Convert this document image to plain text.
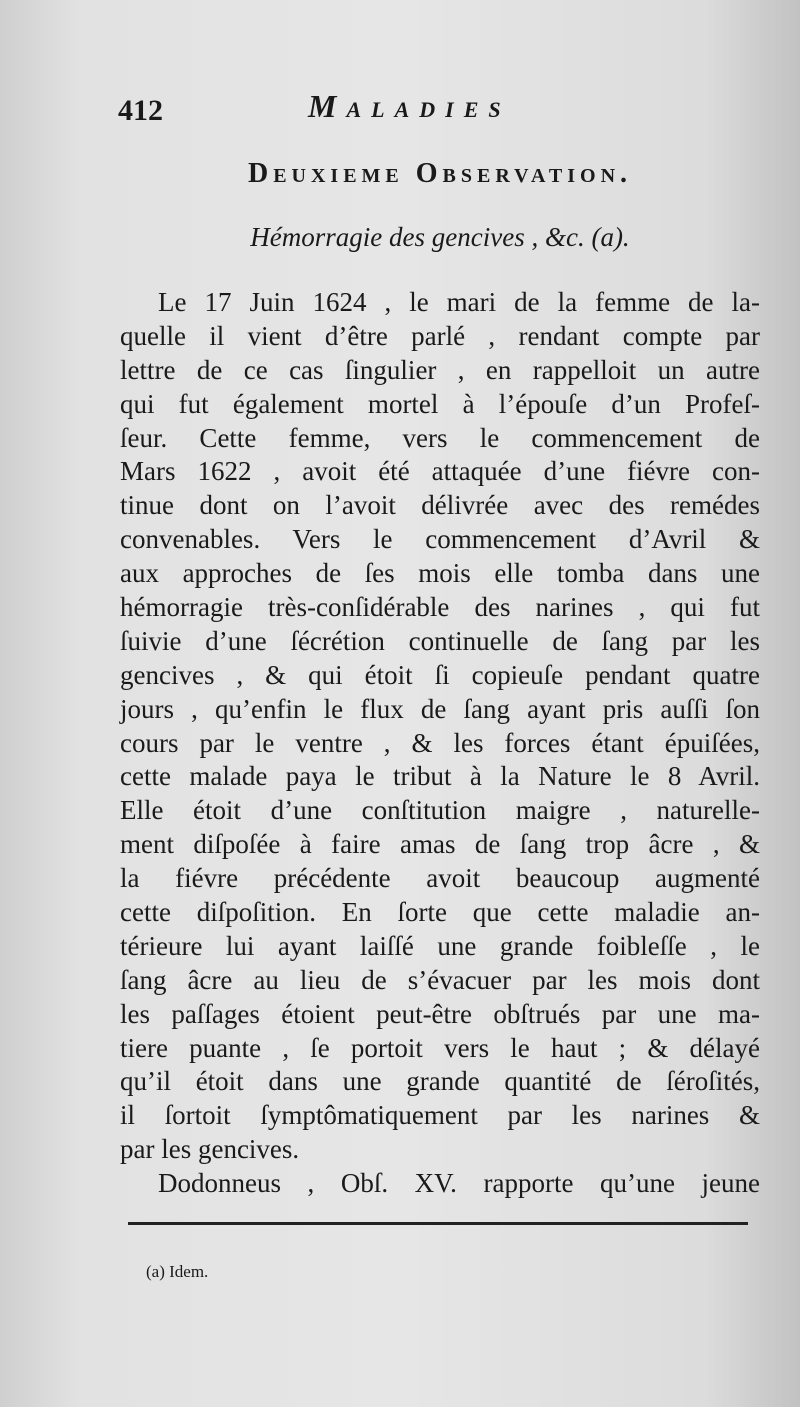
412	Maladies
Deuxieme Observation.
Hémorragie des gencives , &c. (a).
Le 17 Juin 1624 , le mari de la femme de la-
quelle il vient d’être parlé , rendant compte par
lettre de ce cas ſingulier , en rappelloit un autre
qui fut également mortel à l’épouſe d’un Profeſ-
ſeur. Cette femme, vers le commencement de
Mars 1622 , avoit été attaquée d’une fiévre con-
tinue dont on l’avoit délivrée avec des remédes
convenables. Vers le commencement d’Avril &
aux approches de ſes mois elle tomba dans une
hémorragie très-conſidérable des narines , qui fut
ſuivie d’une ſécrétion continuelle de ſang par les
gencives , & qui étoit ſi copieuſe pendant quatre
jours , qu’enfin le flux de ſang ayant pris auſſi ſon
cours par le ventre , & les forces étant épuiſées,
cette malade paya le tribut à la Nature le 8 Avril.
Elle étoit d’une conſtitution maigre , naturelle-
ment diſpoſée à faire amas de ſang trop âcre , &
la fiévre précédente avoit beaucoup augmenté
cette diſpoſition. En ſorte que cette maladie an-
térieure lui ayant laiſſé une grande foibleſſe , le
ſang âcre au lieu de s’évacuer par les mois dont
les paſſages étoient peut-être obſtrués par une ma-
tiere puante , ſe portoit vers le haut ; & délayé
qu’il étoit dans une grande quantité de ſéroſités,
il ſortoit ſymptômatiquement par les narines &
par les gencives.
Dodonneus , Obſ. XV. rapporte qu’une jeune
(a) Idem.
